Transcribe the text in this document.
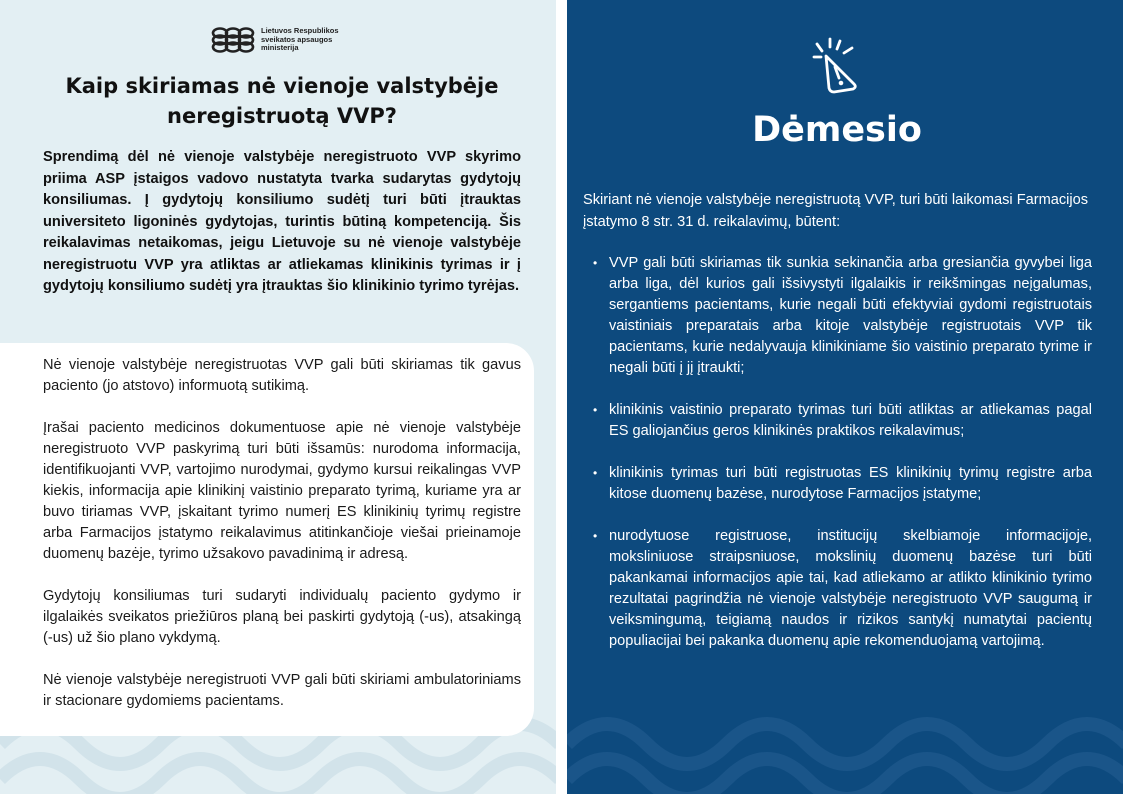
Lietuvos Respublikos
sveikatos apsaugos
ministerija
Kaip skiriamas nė vienoje valstybėje neregistruotą VVP?

Sprendimą dėl nė vienoje valstybėje neregistruoto VVP skyrimo priima ASP įstaigos vadovo nustatyta tvarka sudarytas gydytojų konsiliumas. Į gydytojų konsiliumo sudėtį turi būti įtrauktas universiteto ligoninės gydytojas, turintis būtiną kompetenciją. Šis reikalavimas netaikomas, jeigu Lietuvoje su nė vienoje valstybėje neregistruotu VVP yra atliktas ar atliekamas klinikinis tyrimas ir į gydytojų konsiliumo sudėtį yra įtrauktas šio klinikinio tyrimo tyrėjas.

Nė vienoje valstybėje neregistruotas VVP gali būti skiriamas tik gavus paciento (jo atstovo) informuotą sutikimą.

Įrašai paciento medicinos dokumentuose apie nė vienoje valstybėje neregistruoto VVP paskyrimą turi būti išsamūs: nurodoma informacija, identifikuojanti VVP, vartojimo nurodymai, gydymo kursui reikalingas VVP kiekis, informacija apie klinikinį vaistinio preparato tyrimą, kuriame yra ar buvo tiriamas VVP, įskaitant tyrimo numerį ES klinikinių tyrimų registre arba Farmacijos įstatymo reikalavimus atitinkančioje viešai prieinamoje duomenų bazėje, tyrimo užsakovo pavadinimą ir adresą.

Gydytojų konsiliumas turi sudaryti individualų paciento gydymo ir ilgalaikės sveikatos priežiūros planą bei paskirti gydytoją (-us), atsakingą (-us) už šio plano vykdymą.

Nė vienoje valstybėje neregistruoti VVP gali būti skiriami ambulatoriniams ir stacionare gydomiems pacientams.

Dėmesio

Skiriant nė vienoje valstybėje neregistruotą VVP, turi būti laikomasi Farmacijos įstatymo 8 str. 31 d. reikalavimų, būtent:

• VVP gali būti skiriamas tik sunkia sekinančia arba gresiančia gyvybei liga arba liga, dėl kurios gali išsivystyti ilgalaikis ir reikšmingas neįgalumas, sergantiems pacientams, kurie negali būti efektyviai gydomi registruotais vaistiniais preparatais arba kitoje valstybėje registruotais VVP tik pacientams, kurie nedalyvauja klinikiniame šio vaistinio preparato tyrime ir negali būti į jį įtraukti;
• klinikinis vaistinio preparato tyrimas turi būti atliktas ar atliekamas pagal ES galiojančius geros klinikinės praktikos reikalavimus;
• klinikinis tyrimas turi būti registruotas ES klinikinių tyrimų registre arba kitose duomenų bazėse, nurodytose Farmacijos įstatyme;
• nurodytuose registruose, institucijų skelbiamoje informacijoje, moksliniuose straipsniuose, mokslinių duomenų bazėse turi būti pakankamai informacijos apie tai, kad atliekamo ar atlikto klinikinio tyrimo rezultatai pagrindžia nė vienoje valstybėje neregistruoto VVP saugumą ir veiksmingumą, teigiamą naudos ir rizikos santykį numatytai pacientų populiacijai bei pakanka duomenų apie rekomenduojamą vartojimą.
